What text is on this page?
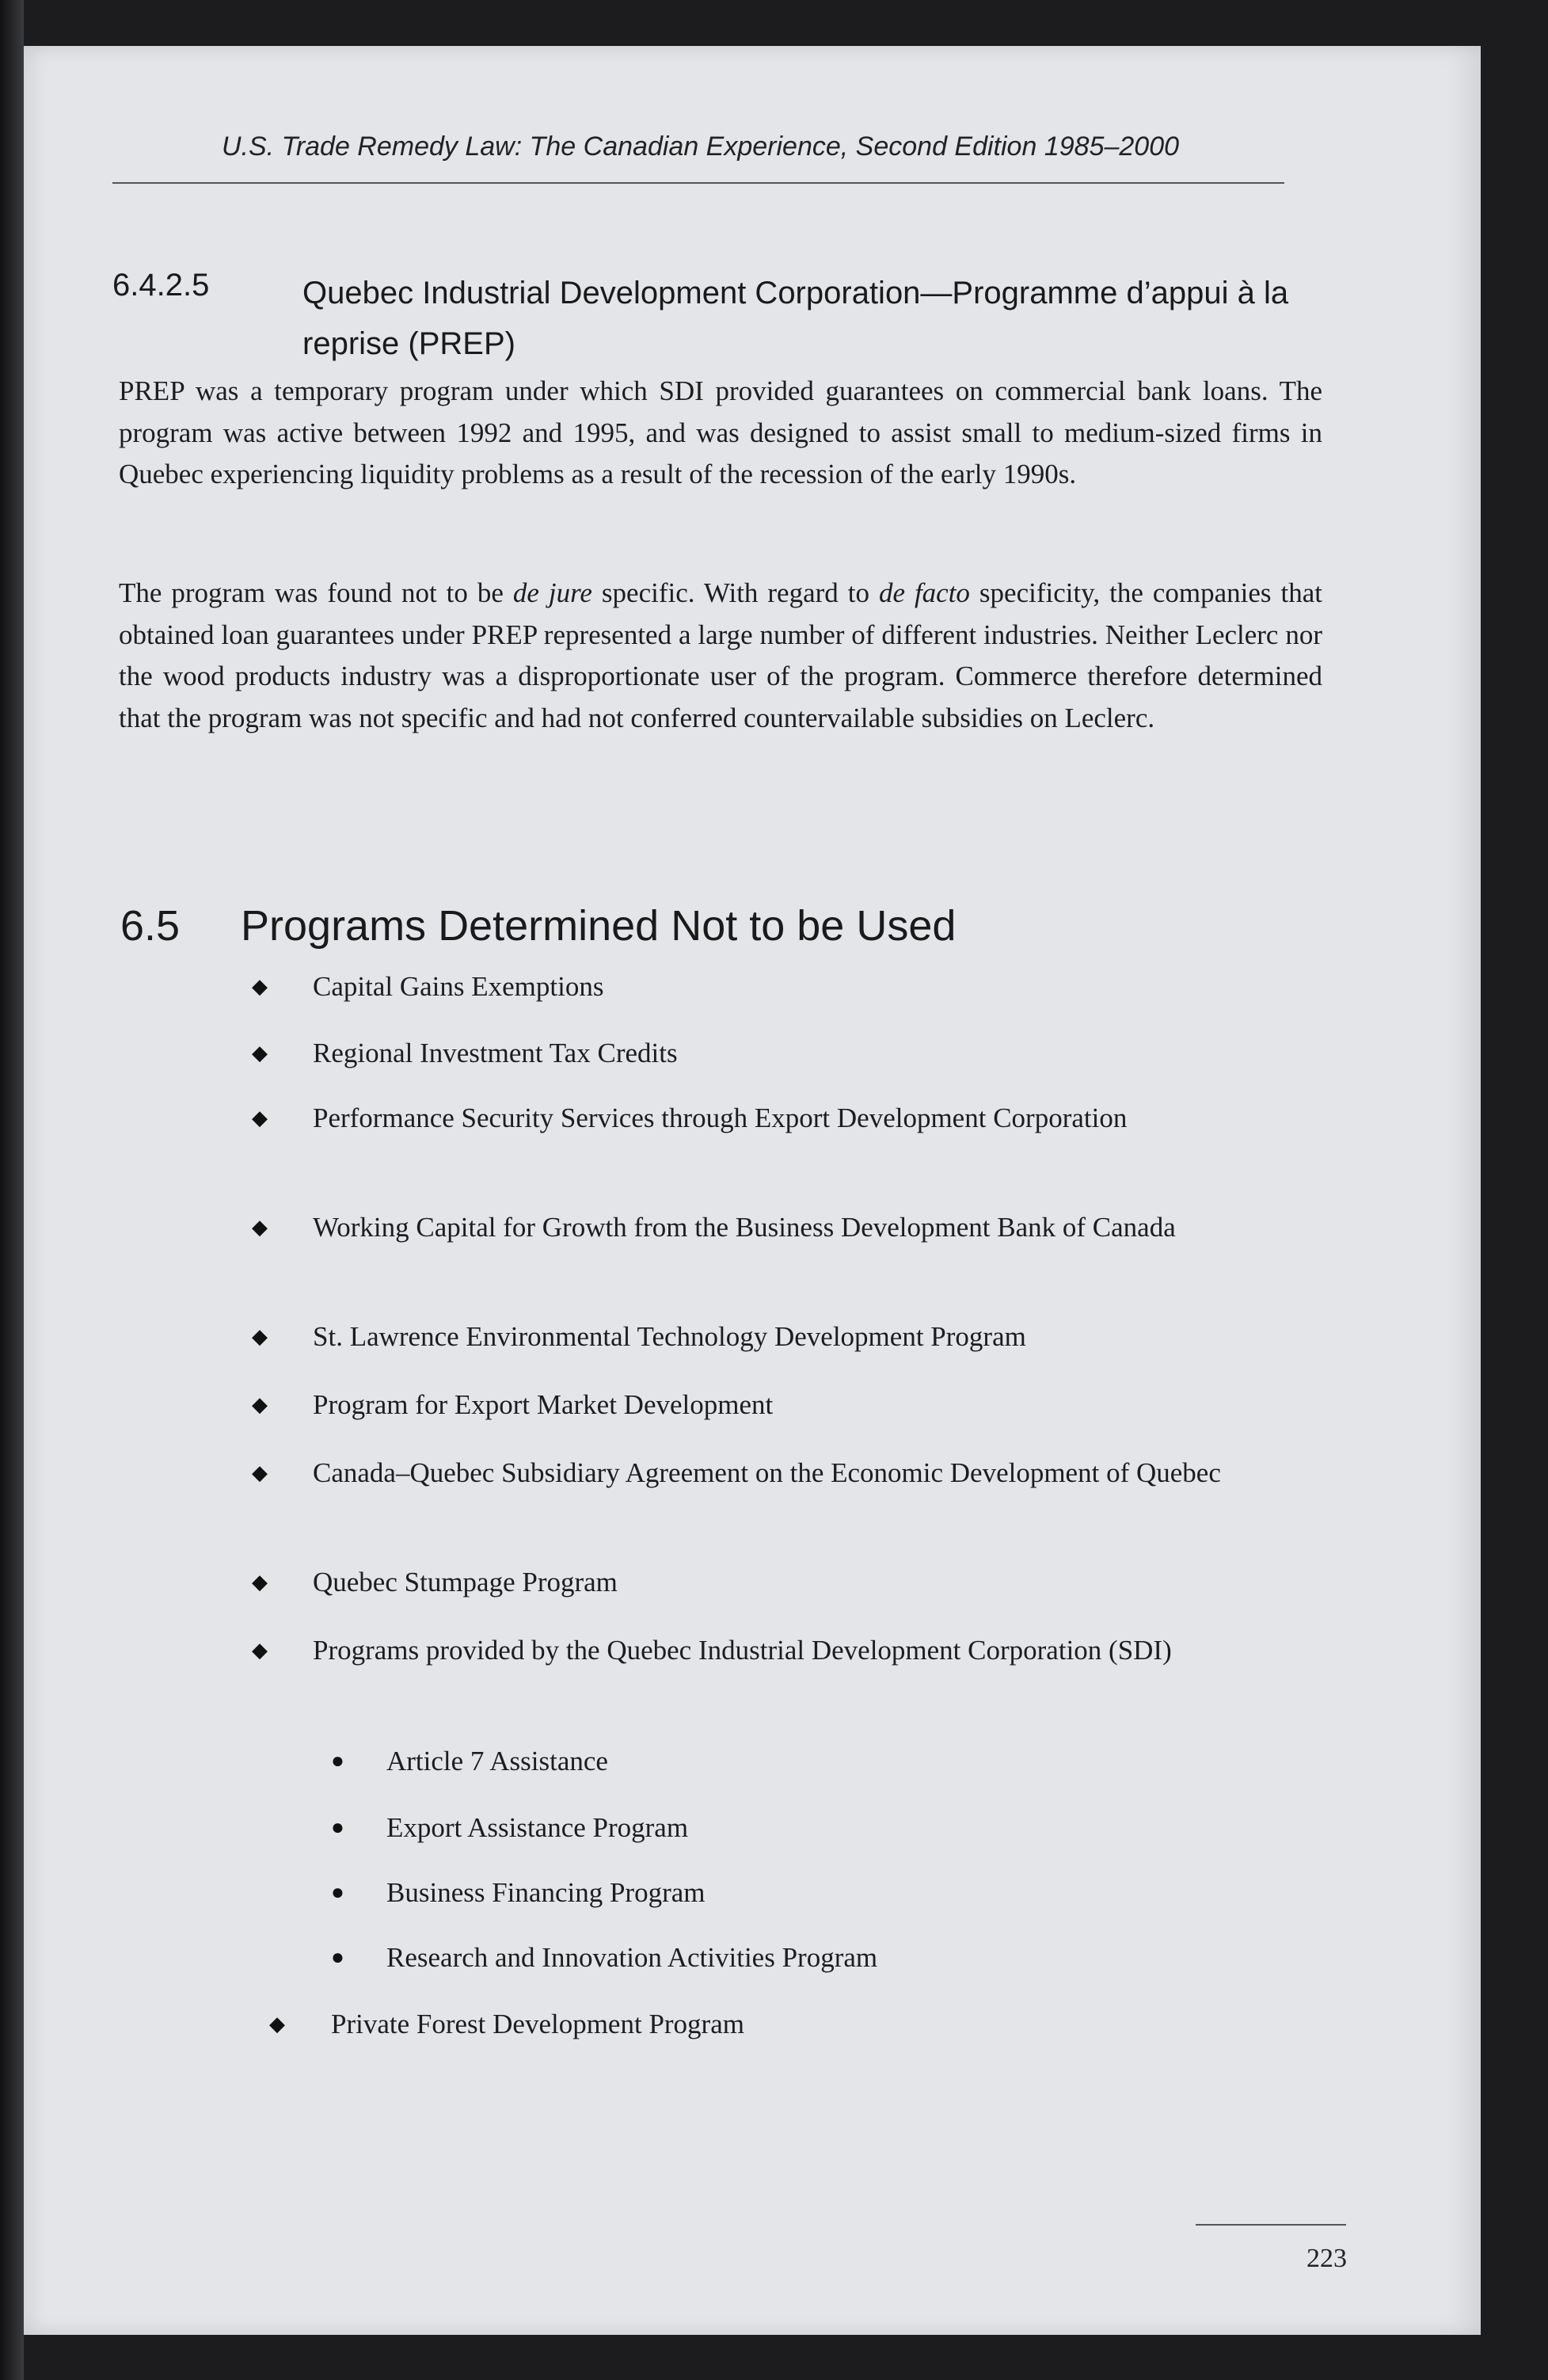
U.S. Trade Remedy Law: The Canadian Experience, Second Edition 1985–2000
6.4.2.5	Quebec Industrial Development Corporation—Programme d’appui à la reprise (PREP)
PREP was a temporary program under which SDI provided guarantees on commercial bank loans. The program was active between 1992 and 1995, and was designed to assist small to medium-sized firms in Quebec experiencing liquidity problems as a result of the recession of the early 1990s.
The program was found not to be de jure specific. With regard to de facto specificity, the companies that obtained loan guarantees under PREP represented a large number of different industries. Neither Leclerc nor the wood products industry was a disproportionate user of the program. Commerce therefore determined that the program was not specific and had not conferred countervailable subsidies on Leclerc.
6.5 Programs Determined Not to be Used
◆ Capital Gains Exemptions
◆ Regional Investment Tax Credits
◆ Performance Security Services through Export Development Corporation
◆ Working Capital for Growth from the Business Development Bank of Canada
◆ St. Lawrence Environmental Technology Development Program
◆ Program for Export Market Development
◆ Canada–Quebec Subsidiary Agreement on the Economic Development of Quebec
◆ Quebec Stumpage Program
◆ Programs provided by the Quebec Industrial Development Corporation (SDI)
● Article 7 Assistance
● Export Assistance Program
● Business Financing Program
● Research and Innovation Activities Program
◆ Private Forest Development Program
223
